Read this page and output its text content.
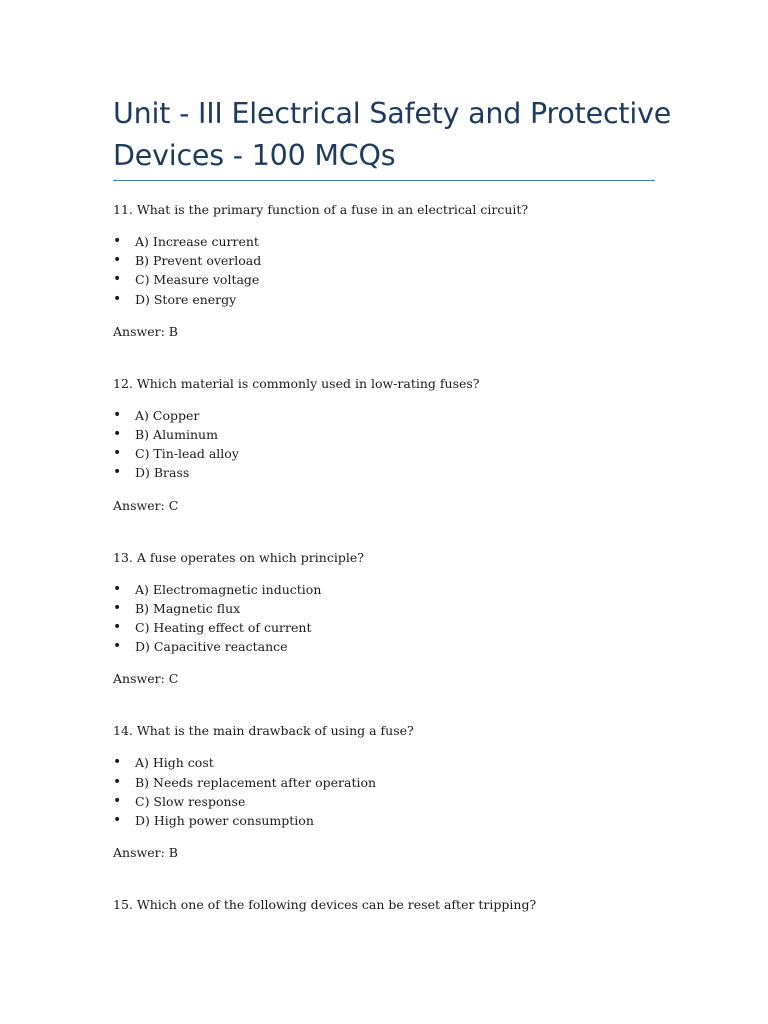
Unit - III Electrical Safety and Protective Devices - 100 MCQs

11. What is the primary function of a fuse in an electrical circuit?

• A) Increase current
• B) Prevent overload
• C) Measure voltage
• D) Store energy

Answer: B

12. Which material is commonly used in low-rating fuses?

• A) Copper
• B) Aluminum
• C) Tin-lead alloy
• D) Brass

Answer: C

13. A fuse operates on which principle?

• A) Electromagnetic induction
• B) Magnetic flux
• C) Heating effect of current
• D) Capacitive reactance

Answer: C

14. What is the main drawback of using a fuse?

• A) High cost
• B) Needs replacement after operation
• C) Slow response
• D) High power consumption

Answer: B

15. Which one of the following devices can be reset after tripping?
